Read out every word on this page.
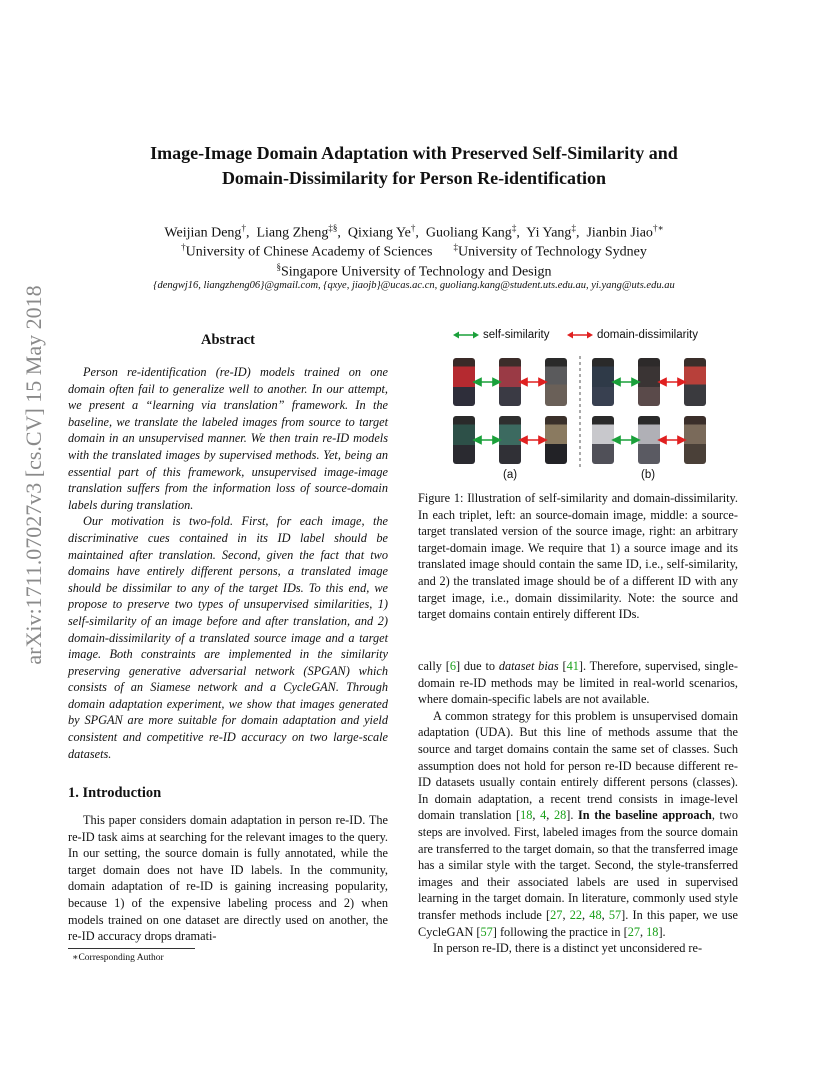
arXiv:1711.07027v3 [cs.CV] 15 May 2018
Image-Image Domain Adaptation with Preserved Self-Similarity and
Domain-Dissimilarity for Person Re-identification
Weijian Deng†,  Liang Zheng‡§,  Qixiang Ye†,  Guoliang Kang‡,  Yi Yang‡,  Jianbin Jiao†∗
†University of Chinese Academy of Sciences ‡University of Technology Sydney
§Singapore University of Technology and Design
{dengwj16, liangzheng06}@gmail.com, {qxye, jiaojb}@ucas.ac.cn, guoliang.kang@student.uts.edu.au, yi.yang@uts.edu.au
Abstract

Person re-identification (re-ID) models trained on one domain often fail to generalize well to another. In our attempt, we present a “learning via translation” framework. In the baseline, we translate the labeled images from source to target domain in an unsupervised manner. We then train re-ID models with the translated images by supervised methods. Yet, being an essential part of this framework, unsupervised image-image translation suffers from the information loss of source-domain labels during translation.

Our motivation is two-fold. First, for each image, the discriminative cues contained in its ID label should be maintained after translation. Second, given the fact that two domains have entirely different persons, a translated image should be dissimilar to any of the target IDs. To this end, we propose to preserve two types of unsupervised similarities, 1) self-similarity of an image before and after translation, and 2) domain-dissimilarity of a translated source image and a target image. Both constraints are implemented in the similarity preserving generative adversarial network (SPGAN) which consists of an Siamese network and a CycleGAN. Through domain adaptation experiment, we show that images generated by SPGAN are more suitable for domain adaptation and yield consistent and competitive re-ID accuracy on two large-scale datasets.

1. Introduction

This paper considers domain adaptation in person re-ID. The re-ID task aims at searching for the relevant images to the query. In our setting, the source domain is fully annotated, while the target domain does not have ID labels. In the community, domain adaptation of re-ID is gaining increasing popularity, because 1) of the expensive labeling process and 2) when models trained on one dataset are directly used on another, the re-ID accuracy drops dramati-

∗Corresponding Author
self-similarity	domain-dissimilarity
(a)	(b)

Figure 1: Illustration of self-similarity and domain-dissimilarity. In each triplet, left: an source-domain image, middle: a source-target translated version of the source image, right: an arbitrary target-domain image. We require that 1) a source image and its translated image should contain the same ID, i.e., self-similarity, and 2) the translated image should be of a different ID with any target image, i.e., domain dissimilarity. Note: the source and target domains contain entirely different IDs.

cally [6] due to dataset bias [41]. Therefore, supervised, single-domain re-ID methods may be limited in real-world scenarios, where domain-specific labels are not available.

A common strategy for this problem is unsupervised domain adaptation (UDA). But this line of methods assume that the source and target domains contain the same set of classes. Such assumption does not hold for person re-ID because different re-ID datasets usually contain entirely different persons (classes). In domain adaptation, a recent trend consists in image-level domain translation [18, 4, 28]. In the baseline approach, two steps are involved. First, labeled images from the source domain are transferred to the target domain, so that the transferred image has a similar style with the target. Second, the style-transferred images and their associated labels are used in supervised learning in the target domain. In literature, commonly used style transfer methods include [27, 22, 48, 57]. In this paper, we use CycleGAN [57] following the practice in [27, 18].

In person re-ID, there is a distinct yet unconsidered re-
